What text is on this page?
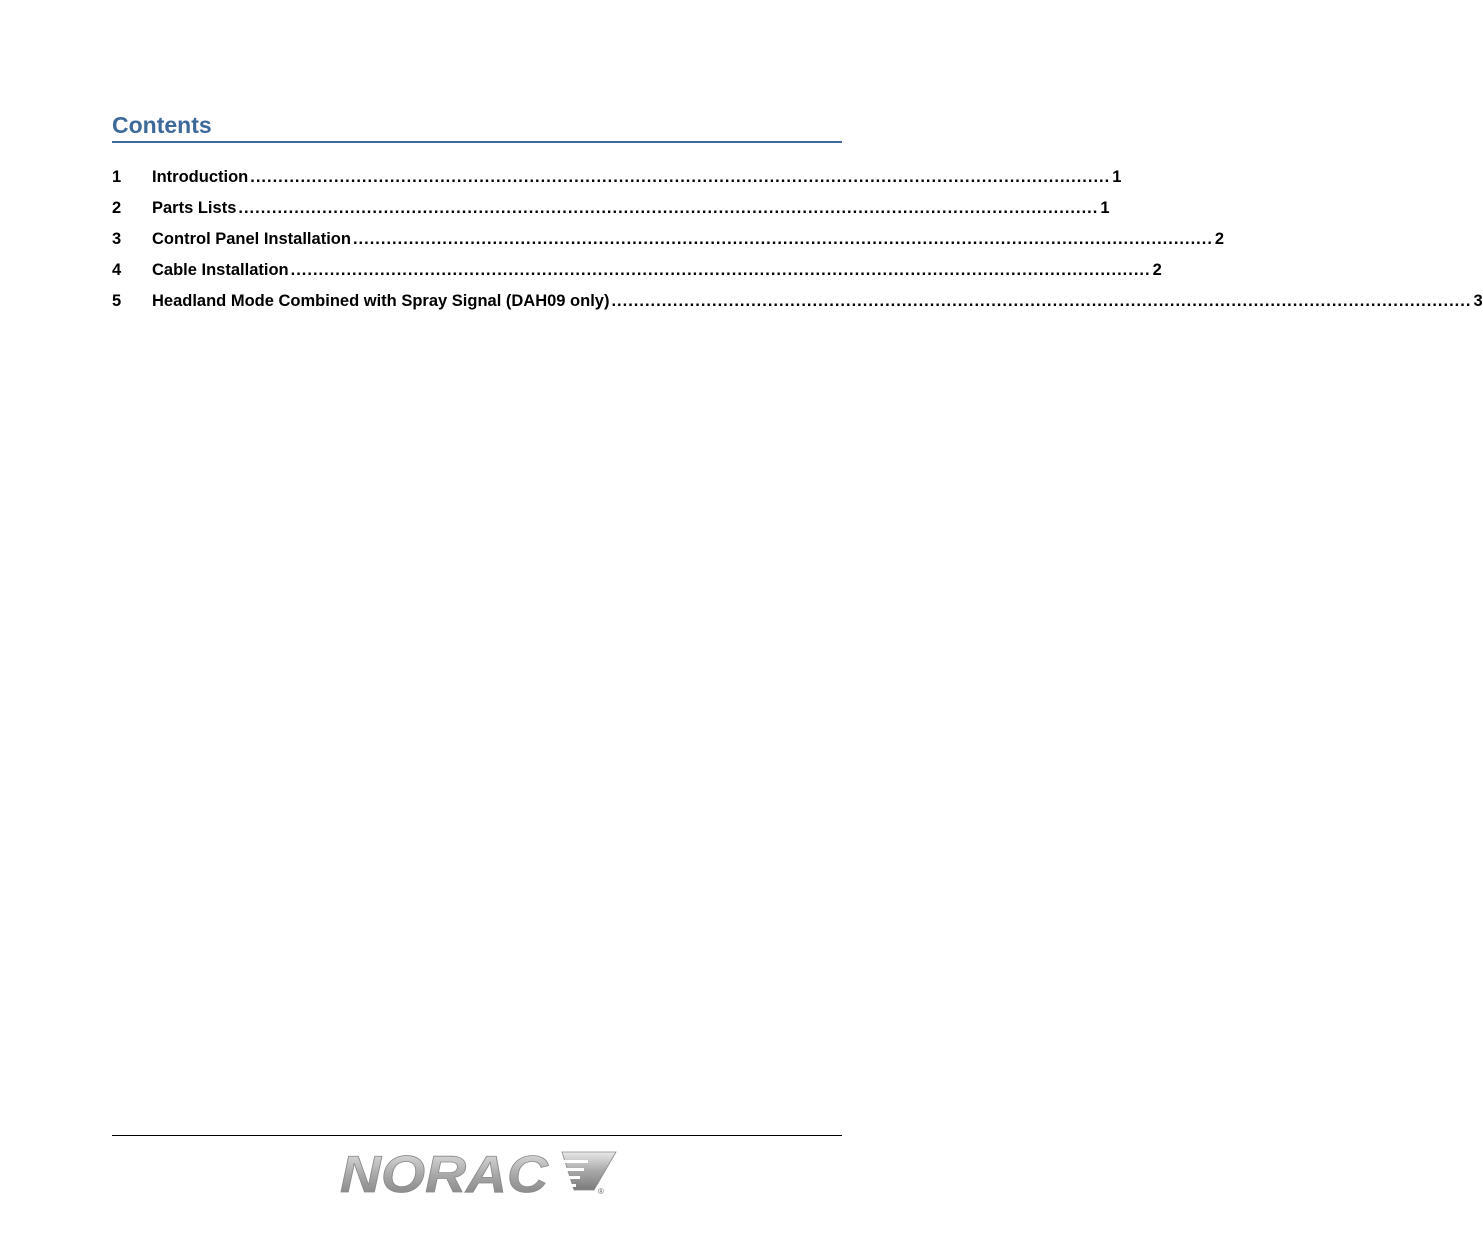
Contents
1	Introduction .......................................................................................................................................................... 1
2	Parts Lists .......................................................................................................................................................... 1
3	Control Panel Installation .......................................................................................................................................................... 2
4	Cable Installation .......................................................................................................................................................... 2
5	Headland Mode Combined with Spray Signal (DAH09 only) .......................................................................................................................................................... 3
NORAC	®
